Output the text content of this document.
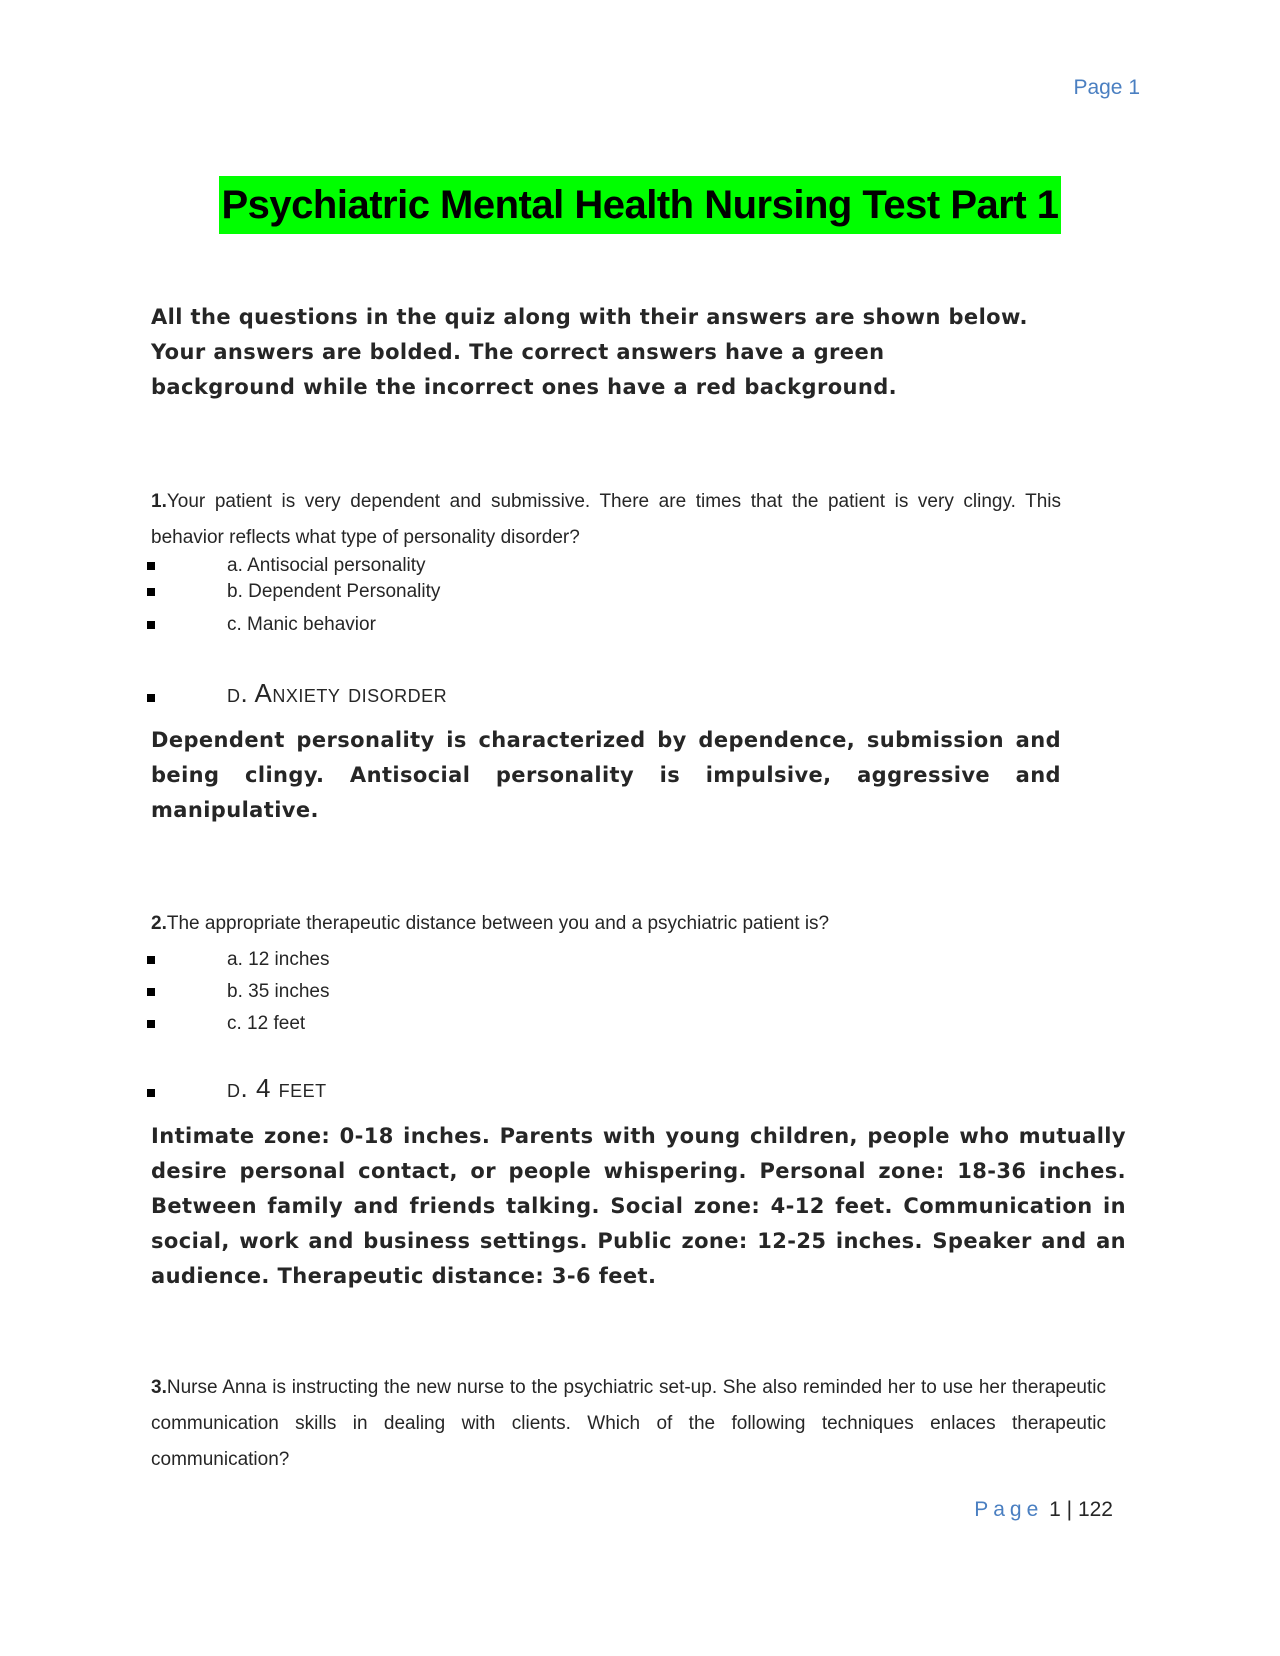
Page 1
Psychiatric Mental Health Nursing Test Part 1
All the questions in the quiz along with their answers are shown below. Your answers are bolded. The correct answers have a green background while the incorrect ones have a red background.
1.Your patient is very dependent and submissive. There are times that the patient is very clingy. This behavior reflects what type of personality disorder?
a. Antisocial personality
b. Dependent Personality
c. Manic behavior
d. Anxiety disorder
Dependent personality is characterized by dependence, submission and being clingy. Antisocial personality is impulsive, aggressive and manipulative.
2.The appropriate therapeutic distance between you and a psychiatric patient is?
a. 12 inches
b. 35 inches
c. 12 feet
d. 4 feet
Intimate zone: 0-18 inches. Parents with young children, people who mutually desire personal contact, or people whispering. Personal zone: 18-36 inches. Between family and friends talking. Social zone: 4-12 feet. Communication in social, work and business settings. Public zone: 12-25 inches. Speaker and an audience. Therapeutic distance: 3-6 feet.
3.Nurse Anna is instructing the new nurse to the psychiatric set-up. She also reminded her to use her therapeutic communication skills in dealing with clients. Which of the following techniques enlaces therapeutic communication?
Page 1 | 122
